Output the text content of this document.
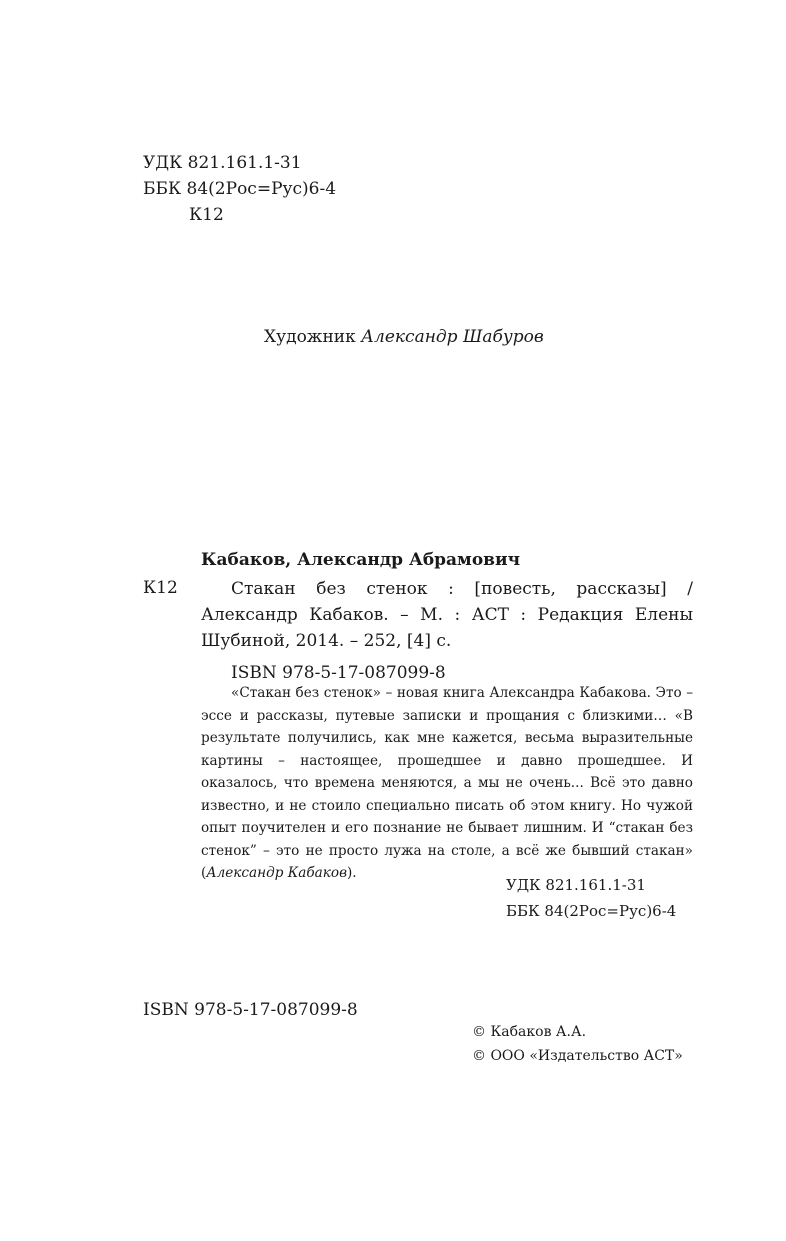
УДК 821.161.1-31
ББК 84(2Рос=Рус)6-4
К12
Художник Александр Шабуров
Кабаков, Александр Абрамович
К12	Стакан без стенок : [повесть, рассказы] /
Александр Кабаков. – М. : АСТ : Редакция Елены Шубиной, 2014. – 252, [4] с.
ISBN 978-5-17-087099-8
«Стакан без стенок» – новая книга Александра Кабакова. Это – эссе и рассказы, путевые записки и прощания с близкими… «В результате получились, как мне кажется, весьма выразительные картины – настоящее, прошедшее и давно прошедшее. И оказалось, что времена меняются, а мы не очень... Всё это давно известно, и не стоило специально писать об этом книгу. Но чужой опыт поучителен и его познание не бывает лишним. И “стакан без стенок” – это не просто лужа на столе, а всё же бывший стакан» (Александр Кабаков).
УДК 821.161.1-31
ББК 84(2Рос=Рус)6-4
ISBN 978-5-17-087099-8
© Кабаков А.А.
© ООО «Издательство АСТ»
